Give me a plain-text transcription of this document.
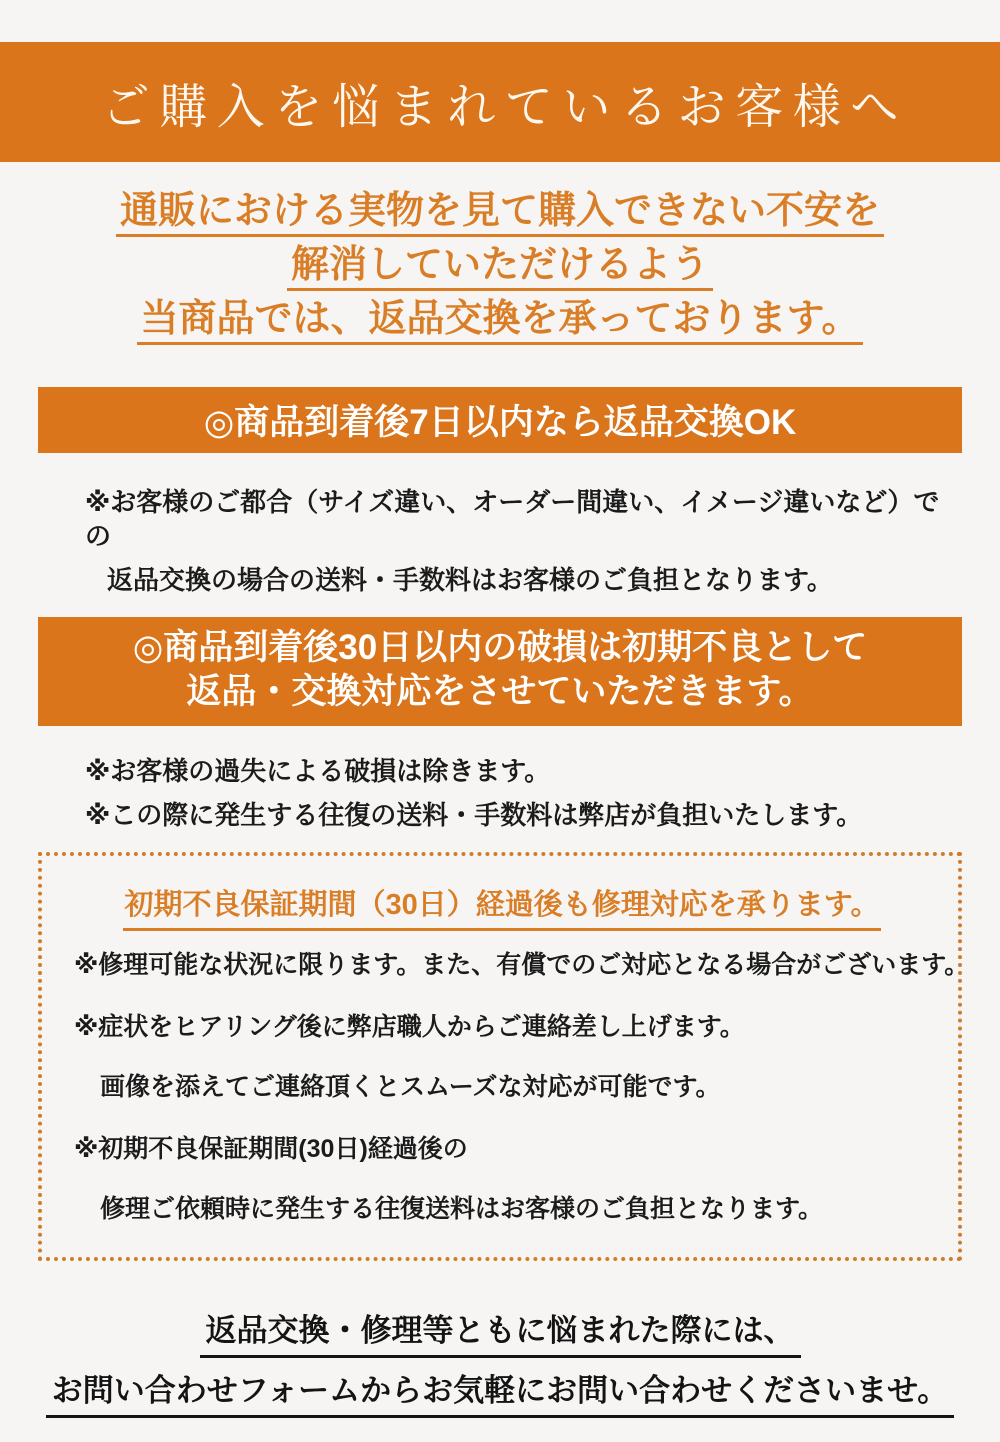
ご購入を悩まれているお客様へ
通販における実物を見て購入できない不安を
解消していただけるよう
当商品では、返品交換を承っております。
◎商品到着後7日以内なら返品交換OK
※お客様のご都合（サイズ違い、オーダー間違い、イメージ違いなど）での
返品交換の場合の送料・手数料はお客様のご負担となります。
◎商品到着後30日以内の破損は初期不良として
返品・交換対応をさせていただきます。
※お客様の過失による破損は除きます。
※この際に発生する往復の送料・手数料は弊店が負担いたします。
初期不良保証期間（30日）経過後も修理対応を承ります。
※修理可能な状況に限ります。また、有償でのご対応となる場合がございます。
※症状をヒアリング後に弊店職人からご連絡差し上げます。
画像を添えてご連絡頂くとスムーズな対応が可能です。
※初期不良保証期間(30日)経過後の
修理ご依頼時に発生する往復送料はお客様のご負担となります。
返品交換・修理等ともに悩まれた際には、
お問い合わせフォームからお気軽にお問い合わせくださいませ。
